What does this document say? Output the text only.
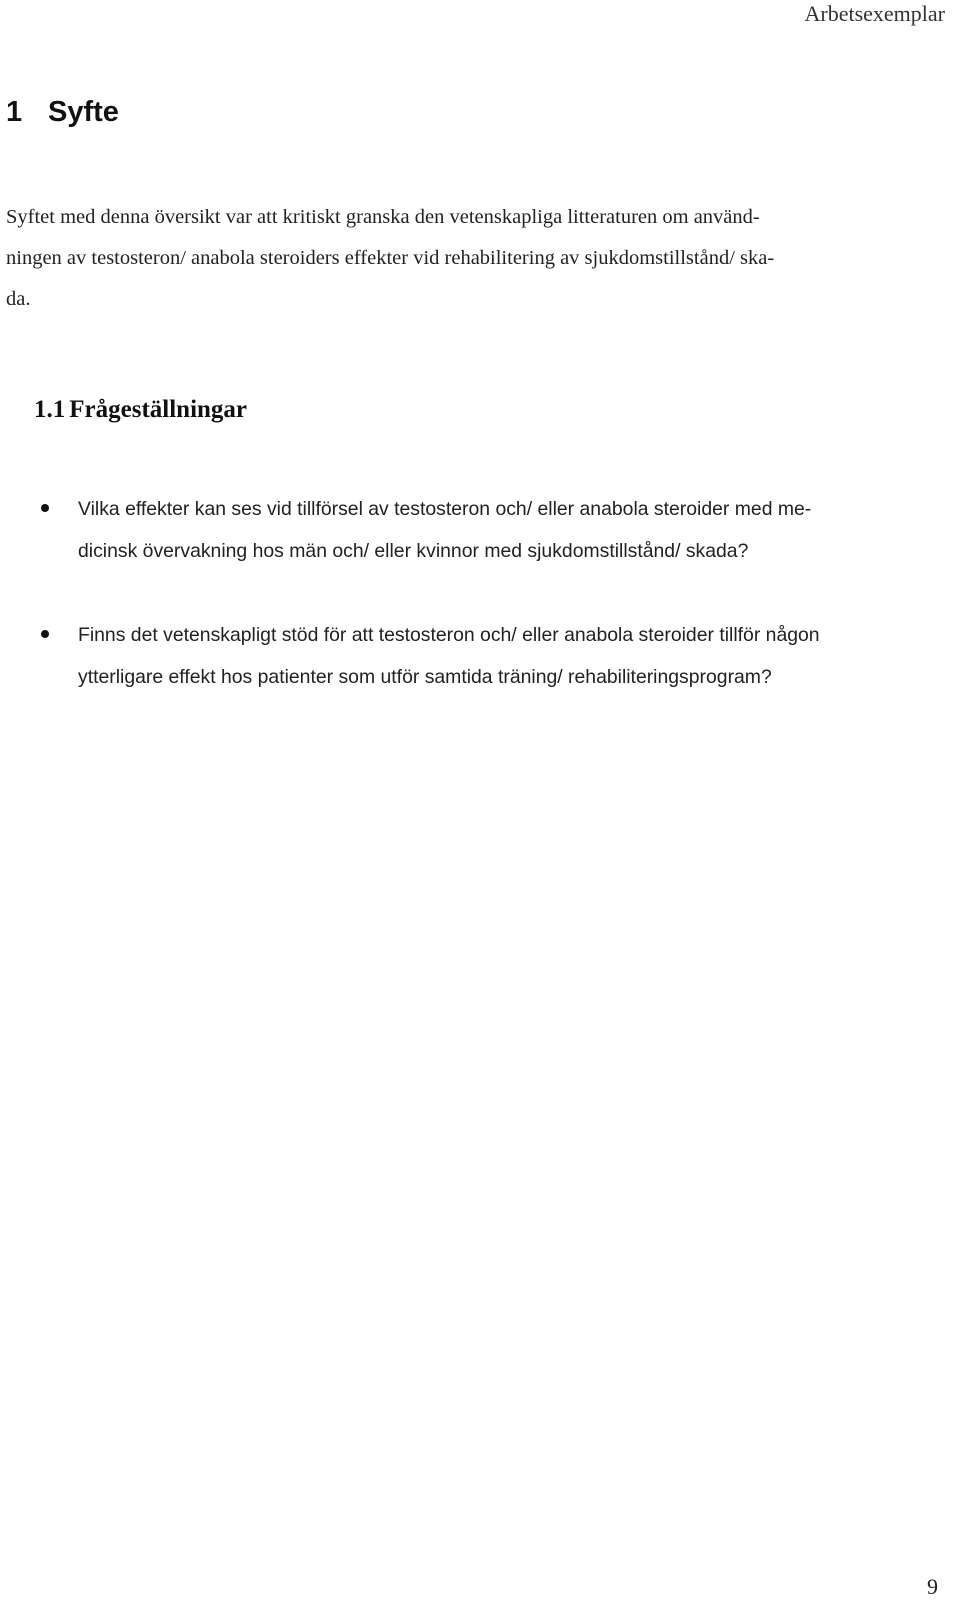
Arbetsexemplar
1 Syfte

Syftet med denna översikt var att kritiskt granska den vetenskapliga litteraturen om använd-
ningen av testosteron/ anabola steroiders effekter vid rehabilitering av sjukdomstillstånd/ ska-
da.

1.1 Frågeställningar
Vilka effekter kan ses vid tillförsel av testosteron och/ eller anabola steroider med me-
dicinsk övervakning hos män och/ eller kvinnor med sjukdomstillstånd/ skada?
Finns det vetenskapligt stöd för att testosteron och/ eller anabola steroider tillför någon
ytterligare effekt hos patienter som utför samtida träning/ rehabiliteringsprogram?
9
